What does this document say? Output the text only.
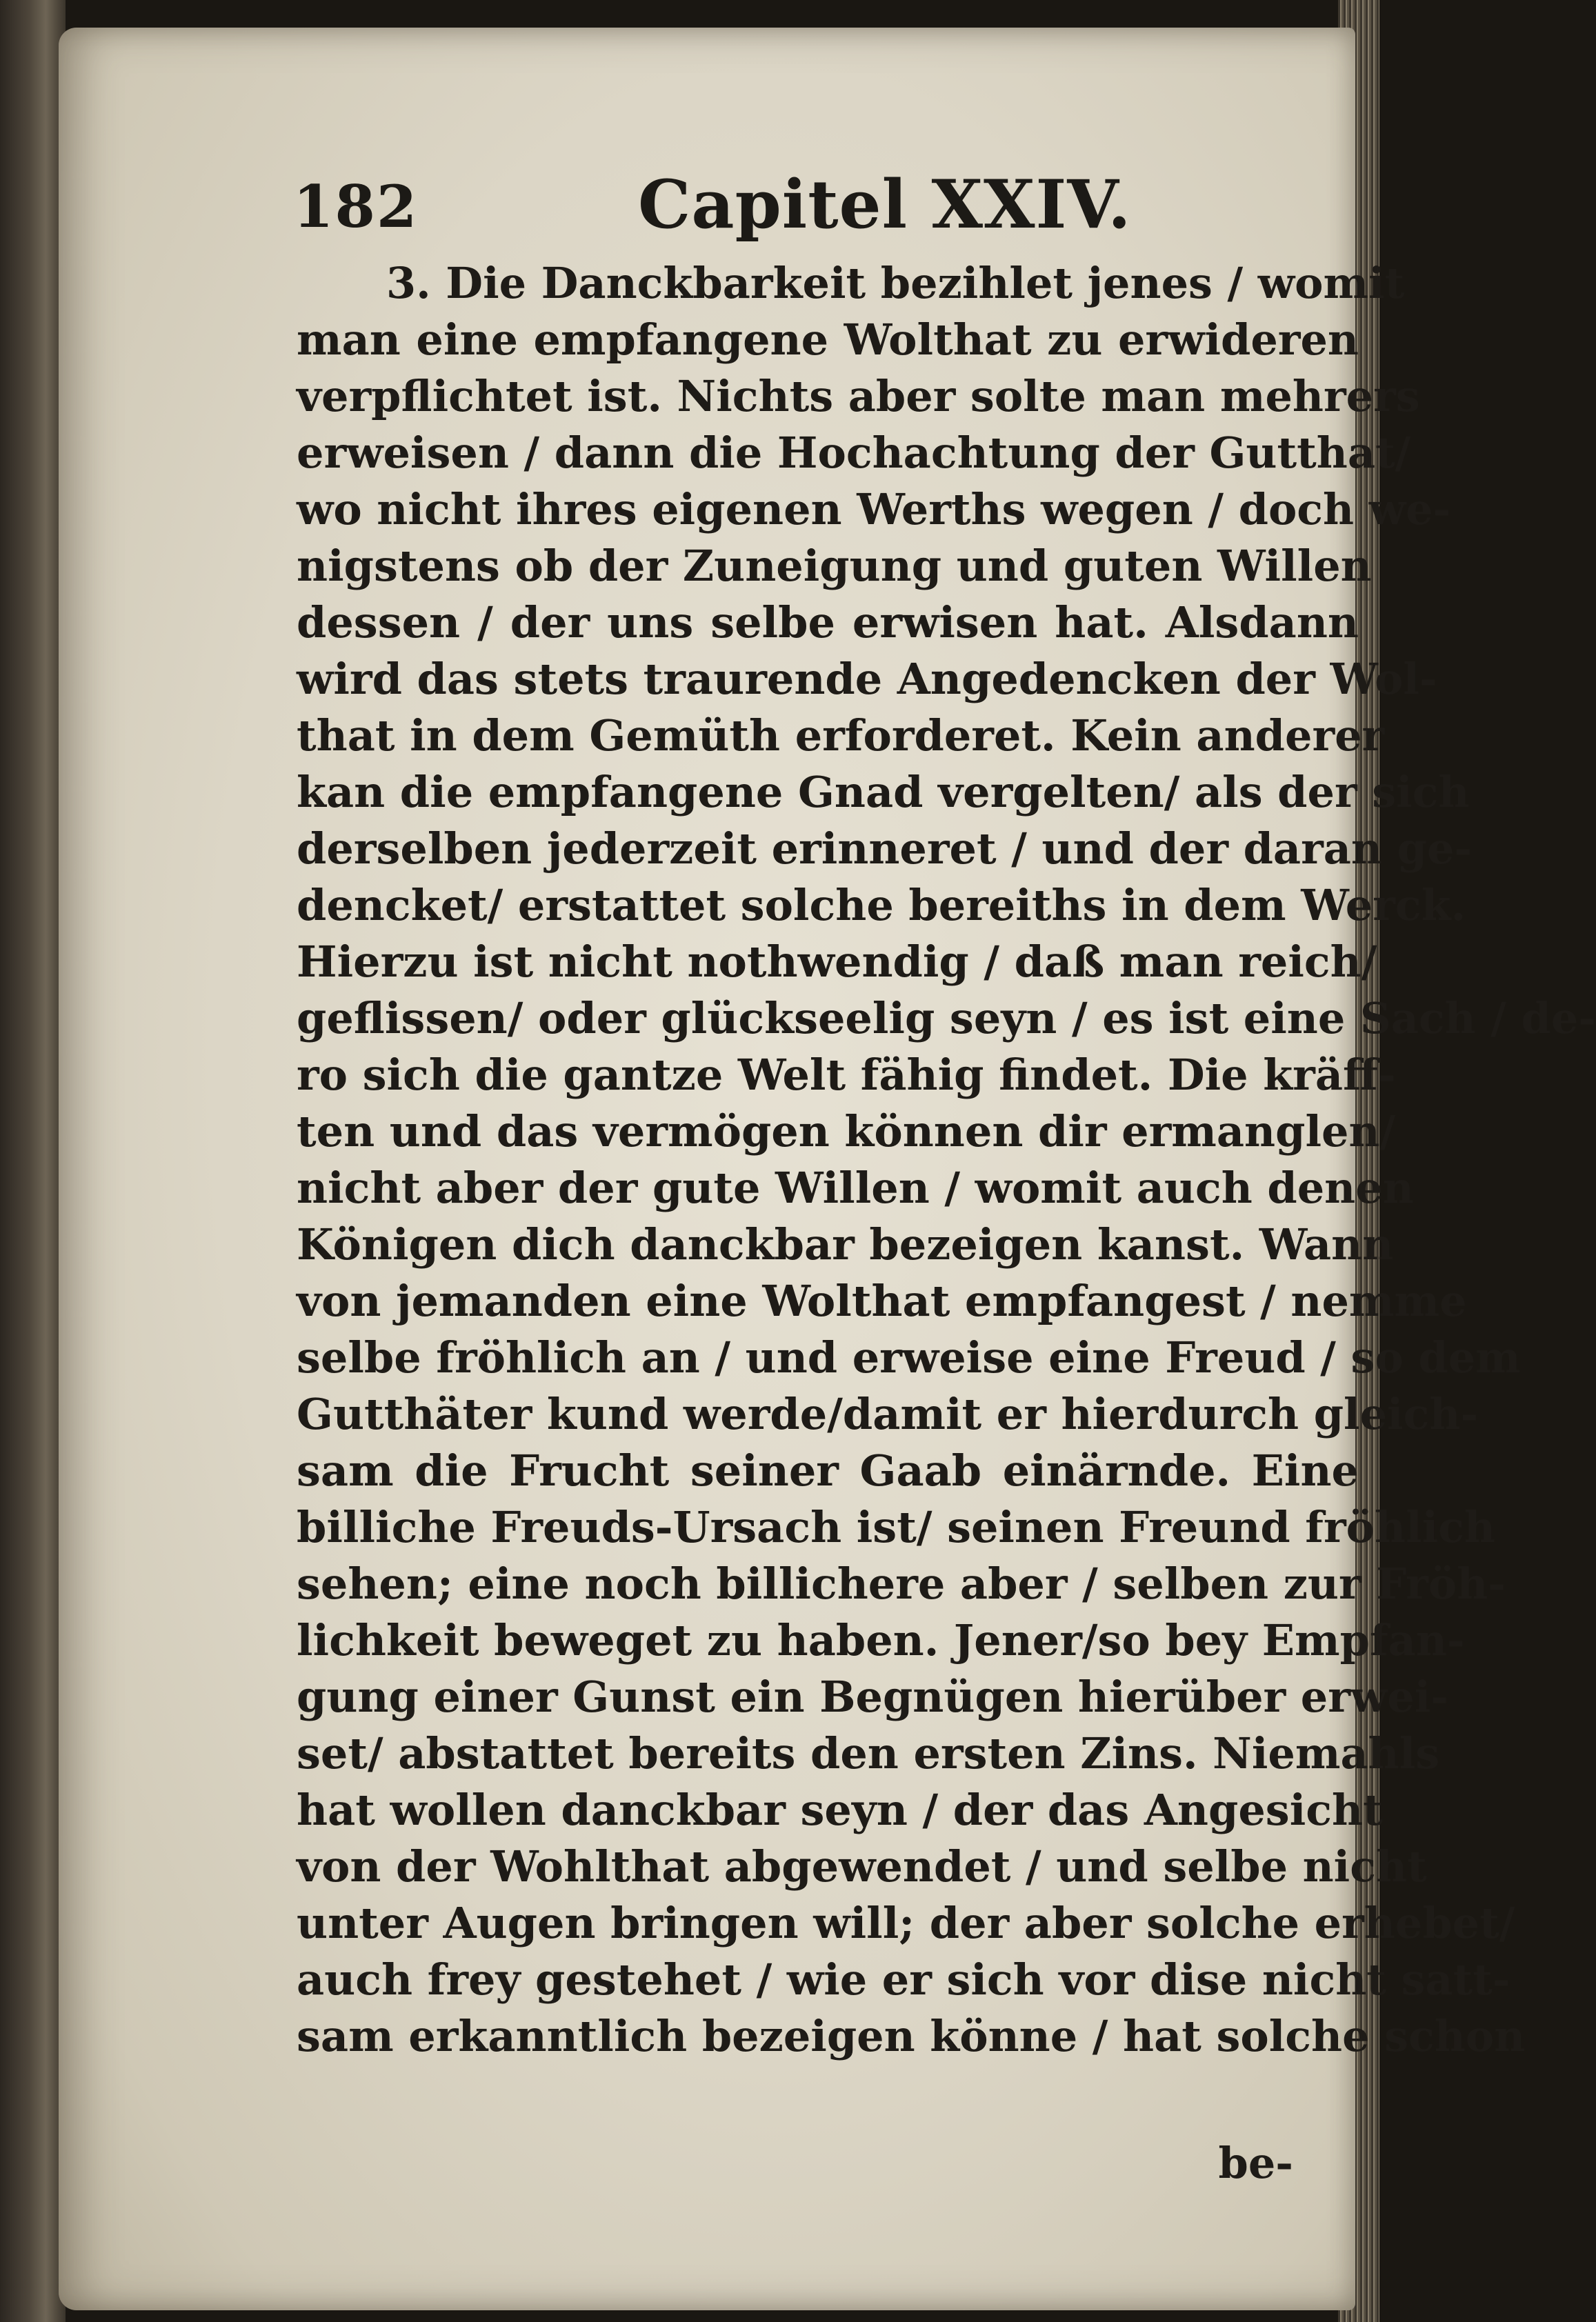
182	Capitel XXIV.
3. Die Danckbarkeit bezihlet jenes / womit
man eine empfangene Wolthat zu erwideren
verpflichtet ist. Nichts aber solte man mehrers
erweisen / dann die Hochachtung der Gutthat/
wo nicht ihres eigenen Werths wegen / doch we-
nigstens ob der Zuneigung und guten Willen
dessen / der uns selbe erwisen hat. Alsdann
wird das stets traurende Angedencken der Wol-
that in dem Gemüth erforderet. Kein anderer
kan die empfangene Gnad vergelten/ als der sich
derselben jederzeit erinneret / und der daran ge-
dencket/ erstattet solche bereiths in dem Werck.
Hierzu ist nicht nothwendig / daß man reich/
geflissen/ oder glückseelig seyn / es ist eine Sach / de-
ro sich die gantze Welt fähig findet. Die kräff-
ten und das vermögen können dir ermanglen/
nicht aber der gute Willen / womit auch denen
Königen dich danckbar bezeigen kanst. Wann
von jemanden eine Wolthat empfangest / nemme
selbe fröhlich an / und erweise eine Freud / so dem
Gutthäter kund werde/damit er hierdurch gleich-
sam die Frucht seiner Gaab einärnde. Eine
billiche Freuds-Ursach ist/ seinen Freund fröhlich
sehen; eine noch billichere aber / selben zur Fröh-
lichkeit beweget zu haben. Jener/so bey Empfan-
gung einer Gunst ein Begnügen hierüber erwei-
set/ abstattet bereits den ersten Zins. Niemahls
hat wollen danckbar seyn / der das Angesicht
von der Wohlthat abgewendet / und selbe nicht
unter Augen bringen will; der aber solche erhebet/
auch frey gestehet / wie er sich vor dise nicht satt-
sam erkanntlich bezeigen könne / hat solche schon
be-
